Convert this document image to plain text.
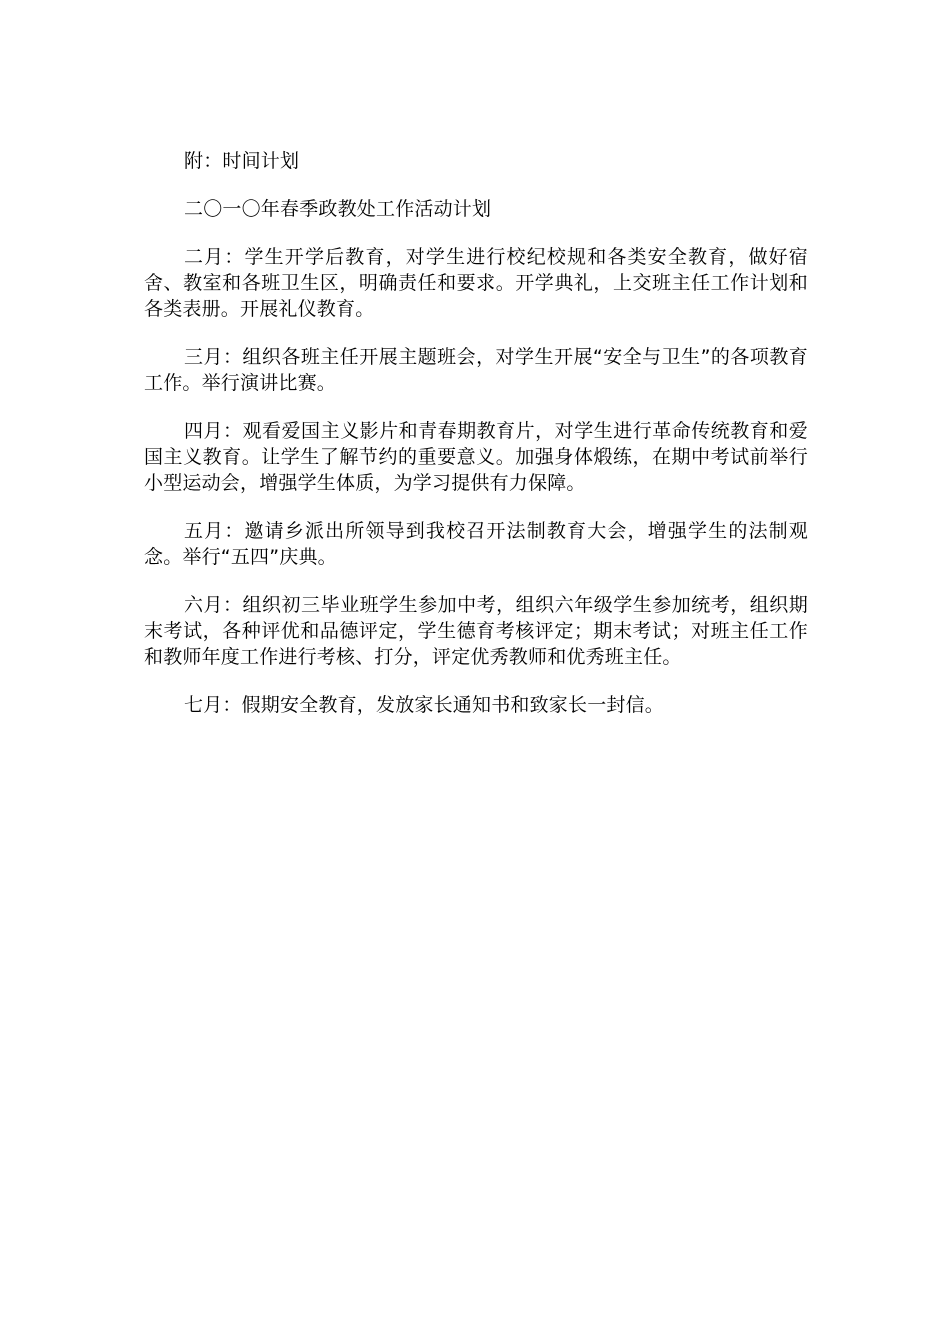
附：时间计划

二〇一〇年春季政教处工作活动计划

二月：学生开学后教育，对学生进行校纪校规和各类安全教育，做好宿舍、教室和各班卫生区，明确责任和要求。开学典礼，上交班主任工作计划和各类表册。开展礼仪教育。

三月：组织各班主任开展主题班会，对学生开展“安全与卫生”的各项教育工作。举行演讲比赛。

四月：观看爱国主义影片和青春期教育片，对学生进行革命传统教育和爱国主义教育。让学生了解节约的重要意义。加强身体煅练，在期中考试前举行小型运动会，增强学生体质，为学习提供有力保障。

五月：邀请乡派出所领导到我校召开法制教育大会，增强学生的法制观念。举行“五四”庆典。

六月：组织初三毕业班学生参加中考，组织六年级学生参加统考，组织期末考试，各种评优和品德评定，学生德育考核评定；期末考试；对班主任工作和教师年度工作进行考核、打分，评定优秀教师和优秀班主任。

七月：假期安全教育，发放家长通知书和致家长一封信。
